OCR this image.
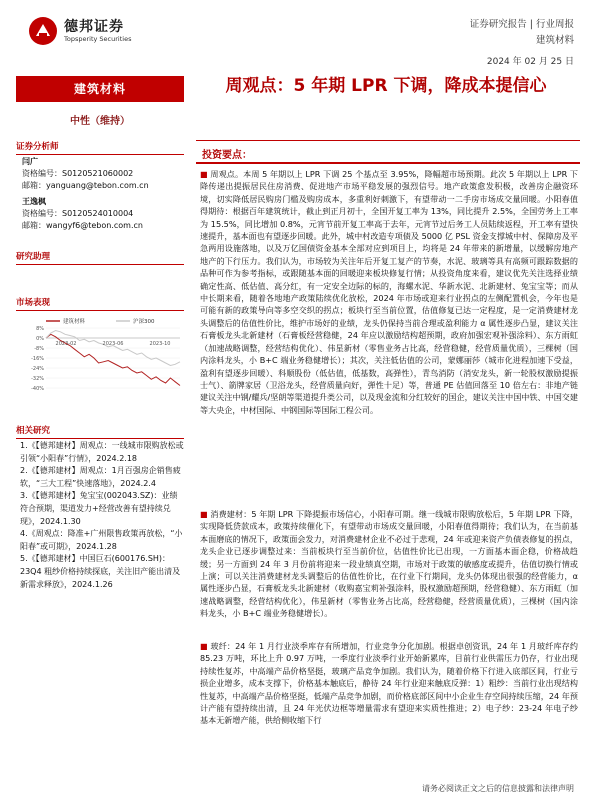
德邦证券
Topsperity Securities
证券研究报告 | 行业周报
建筑材料
2024 年 02 月 25 日
建筑材料
中性（维持）
证券分析师
闫广
资格编号：S0120521060002
邮箱：yanguang@tebon.com.cn
王逸枫
资格编号：S0120524010004
邮箱：wangyf6@tebon.com.cn
研究助理
市场表现
8%
0%
-8%
-16%
-24%
-32%
-40%
2023-02	2023-06	2023-10
建筑材料	沪深300
相关研究
1.《【德邦建材】周观点：一线城市限购放松或引领“小阳春”行情》，2024.2.18
2.《【德邦建材】周观点：1月百强房企销售疲软，“三大工程”快速落地》，2024.2.4
3.《【德邦建材】兔宝宝(002043.SZ)：业绩符合预期，渠道发力+经营改善有望持续兑现》，2024.1.30
4.《周观点：降准+广州限售政策再放松，“小阳春”或可期》，2024.1.28
5.《【德邦建材】中国巨石(600176.SH)：23Q4 粗纱价格持续探底，关注旧产能出清及新需求释放》，2024.1.26
周观点：5 年期 LPR 下调，降成本提信心
投资要点：
■ 周观点。本周 5 年期以上 LPR 下调 25 个基点至 3.95%，降幅超市场预期。此次 5 年期以上 LPR 下降传递出提振居民住房消费、促进地产市场平稳发展的强烈信号。地产政策愈发积极，改善房企融资环境，切实降低居民购房门槛及购房成本，多重利好刺激下，有望带动一二手房市场成交量回暖。小阳春值得期待：根据百年建筑统计，截止到正月初十，全国开复工率为 13%，同比提升 2.5%，全国劳务上工率为 15.5%，同比增加 0.8%，元宵节前开复工率高于去年，元宵节过后务工人员陆续返程，开工率有望快速提升，基本面也有望逐步回暖。此外，城中村改造专项债及 5000 亿 PSL 资金支撑城中村、保障房及平急两用设施落地，以及万亿国债资金基本全部对应到项目上，均将是 24 年带来的新增量，以缓解房地产地产的下行压力。我们认为，市场较为关注年后开复工复产的节奏，水泥、玻璃等具有高频可跟踪数据的品种可作为参考指标，或跟随基本面的回暖迎来板块修复行情；从投资角度来看，建议优先关注选择业绩确定性高、低估值、高分红，有一定安全边际的标的，海螺水泥、华新水泥、北新建材、兔宝宝等；而从中长期来看，随着各地地产政策陆续优化放松，2024 年市场或迎来行业拐点的左侧配置机会，今年也是可能有新的政策导向等多空交织的拐点；板块行至当前位置，估值修复已达一定程度，是一定消费建材龙头调整后的估值性价比，维护市场好的业绩，龙头仍保持当前合理或盈利能力 α 属性逐步凸显，建议关注石膏板龙头北新建材（石膏板经营稳健，24 年应以激励结构超预期，政府加强宏观补强涂料）、东方雨虹（加速战略调整，经营结构优化）、伟星新材（零售业务占比高，经营稳健，经营质量优质），三棵树（国内涂料龙头，小 B+C 端业务稳健增长）；其次，关注低估值的公司，蒙娜丽莎（城市化进程加速下受益，盈利有望逐步回暖）、科顺股份（低估值，低基数，高弹性），青鸟消防（消安龙头，新一轮股权激励提振士气）、箭牌家居（卫浴龙头，经营质量向好，弹性十足）等，普通 PE 估值回落至 10 倍左右：非地产链建议关注中钢/耀兵/坚朗等渠道提升类公司，以及现金流和分红较好的国企，建议关注中国中铁、中国交建等大央企，中材国际、中钢国际等国际工程公司。
■ 消费建材：5 年期 LPR 下降提振市场信心，小阳春可期。继一线城市限购放松后，5 年期 LPR 下降，实现降低贷款成本，政策持续催化下，有望带动市场成交量回暖，小阳春值得期待；我们认为，在当前基本面磨底的情况下，政策面会发力，对消费建材企业不必过于悲观，24 年或迎来资产负债表修复的拐点，龙头企业已逐步调整过来：当前板块行至当前价位，估值性价比已出现，一方面基本面企稳，价格战趋缓；另一方面到 24 年 3 月份前将迎来一段业绩真空期，市场对于政策的敏感度或提升，估值切换行情或上演；可以关注消费建材龙头调整后的估值性价比，在行业下行期间，龙头仍体现出很强的经营能力，α 属性逐步凸显，石膏板龙头北新建材（收购嘉宝莉补强涂料，股权激励超预期，经营稳健）、东方雨虹（加速战略调整，经营结构优化），伟星新材（零售业务占比高，经营稳健，经营质量优质），三棵树（国内涂料龙头，小 B+C 端业务稳健增长）。
■ 玻纤：24 年 1 月行业淡季库存有所增加，行业竞争分化加剧。根据卓创资讯，24 年 1 月玻纤库存约 85.23 万吨，环比上升 0.97 万吨，一季度行业淡季行业开始新累库，目前行业供需压力仍存，行业出现持续性复苏，中高端产品价格坚挺，玻璃产品竞争加剧。我们认为，随着价格下行进入底部区间，行业亏损企业增多，成本支撑下，价格基本触底后，静待 24 年行业迎来触底反弹：1）粗纱：当前行业出现结构性复苏，中高端产品价格坚挺，低端产品竞争加剧，而价格底部区间中小企业生存空间持续压缩，24 年预计产能有望持续出清，且 24 年光伏边框等增量需求有望迎来实质性推进；2）电子纱：23-24 年电子纱基本无新增产能，供给侧收缩下行
请务必阅读正文之后的信息披露和法律声明
